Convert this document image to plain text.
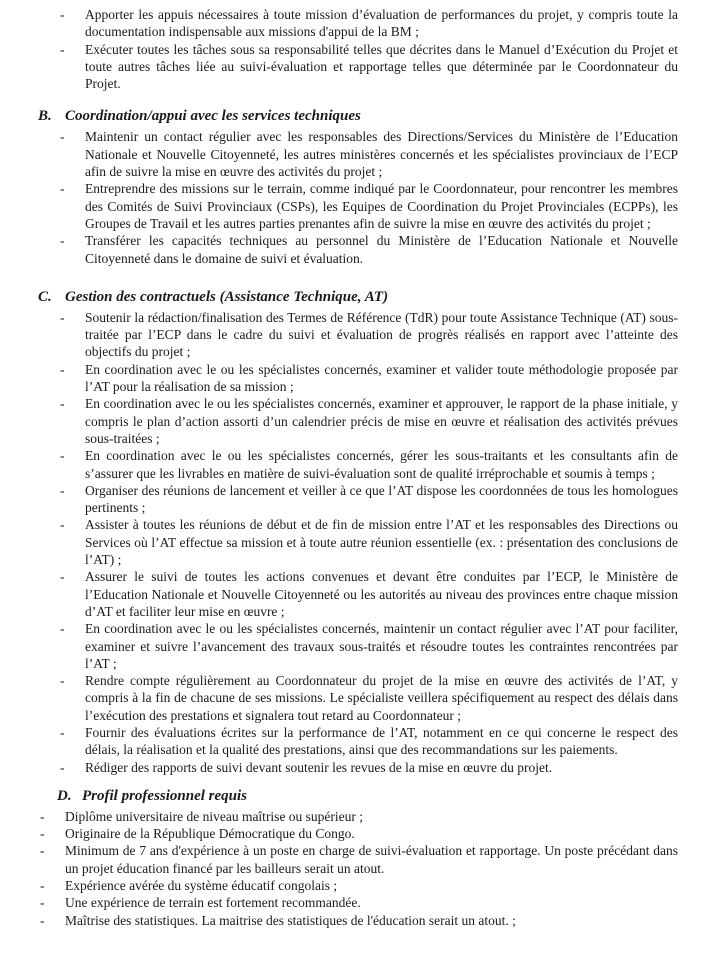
- Apporter les appuis nécessaires à toute mission d’évaluation de performances du projet, y compris toute la documentation indispensable aux missions d'appui de la BM ;
- Exécuter toutes les tâches sous sa responsabilité telles que décrites dans le Manuel d’Exécution du Projet et toute autres tâches liée au suivi-évaluation et rapportage telles que déterminée par le Coordonnateur du Projet.
B. Coordination/appui avec les services techniques
- Maintenir un contact régulier avec les responsables des Directions/Services du Ministère de l’Education Nationale et Nouvelle Citoyenneté, les autres ministères concernés et les spécialistes provinciaux de l’ECP afin de suivre la mise en œuvre des activités du projet ;
- Entreprendre des missions sur le terrain, comme indiqué par le Coordonnateur, pour rencontrer les membres des Comités de Suivi Provinciaux (CSPs), les Equipes de Coordination du Projet Provinciales (ECPPs), les Groupes de Travail et les autres parties prenantes afin de suivre la mise en œuvre des activités du projet ;
- Transférer les capacités techniques au personnel du Ministère de l’Education Nationale et Nouvelle Citoyenneté dans le domaine de suivi et évaluation.
C. Gestion des contractuels (Assistance Technique, AT)
- Soutenir la rédaction/finalisation des Termes de Référence (TdR) pour toute Assistance Technique (AT) sous-traitée par l’ECP dans le cadre du suivi et évaluation de progrès réalisés en rapport avec l’atteinte des objectifs du projet ;
- En coordination avec le ou les spécialistes concernés, examiner et valider toute méthodologie proposée par l’AT pour la réalisation de sa mission ;
- En coordination avec le ou les spécialistes concernés, examiner et approuver, le rapport de la phase initiale, y compris le plan d’action assorti d’un calendrier précis de mise en œuvre et réalisation des activités prévues sous-traitées ;
- En coordination avec le ou les spécialistes concernés, gérer les sous-traitants et les consultants afin de s’assurer que les livrables en matière de suivi-évaluation sont de qualité irréprochable et soumis à temps ;
- Organiser des réunions de lancement et veiller à ce que l’AT dispose les coordonnées de tous les homologues pertinents ;
- Assister à toutes les réunions de début et de fin de mission entre l’AT et les responsables des Directions ou Services où l’AT effectue sa mission et à toute autre réunion essentielle (ex. : présentation des conclusions de l’AT) ;
- Assurer le suivi de toutes les actions convenues et devant être conduites par l’ECP, le Ministère de l’Education Nationale et Nouvelle Citoyenneté ou les autorités au niveau des provinces entre chaque mission d’AT et faciliter leur mise en œuvre ;
- En coordination avec le ou les spécialistes concernés, maintenir un contact régulier avec l’AT pour faciliter, examiner et suivre l’avancement des travaux sous-traités et résoudre toutes les contraintes rencontrées par l’AT ;
- Rendre compte régulièrement au Coordonnateur du projet de la mise en œuvre des activités de l’AT, y compris à la fin de chacune de ses missions. Le spécialiste veillera spécifiquement au respect des délais dans l’exécution des prestations et signalera tout retard au Coordonnateur ;
- Fournir des évaluations écrites sur la performance de l’AT, notamment en ce qui concerne le respect des délais, la réalisation et la qualité des prestations, ainsi que des recommandations sur les paiements.
- Rédiger des rapports de suivi devant soutenir les revues de la mise en œuvre du projet.
D. Profil professionnel requis
- Diplôme universitaire de niveau maîtrise ou supérieur ;
- Originaire de la République Démocratique du Congo.
- Minimum de 7 ans d'expérience à un poste en charge de suivi-évaluation et rapportage. Un poste précédant dans un projet éducation financé par les bailleurs serait un atout.
- Expérience avérée du système éducatif congolais ;
- Une expérience de terrain est fortement recommandée.
- Maîtrise des statistiques. La maitrise des statistiques de l'éducation serait un atout. ;
